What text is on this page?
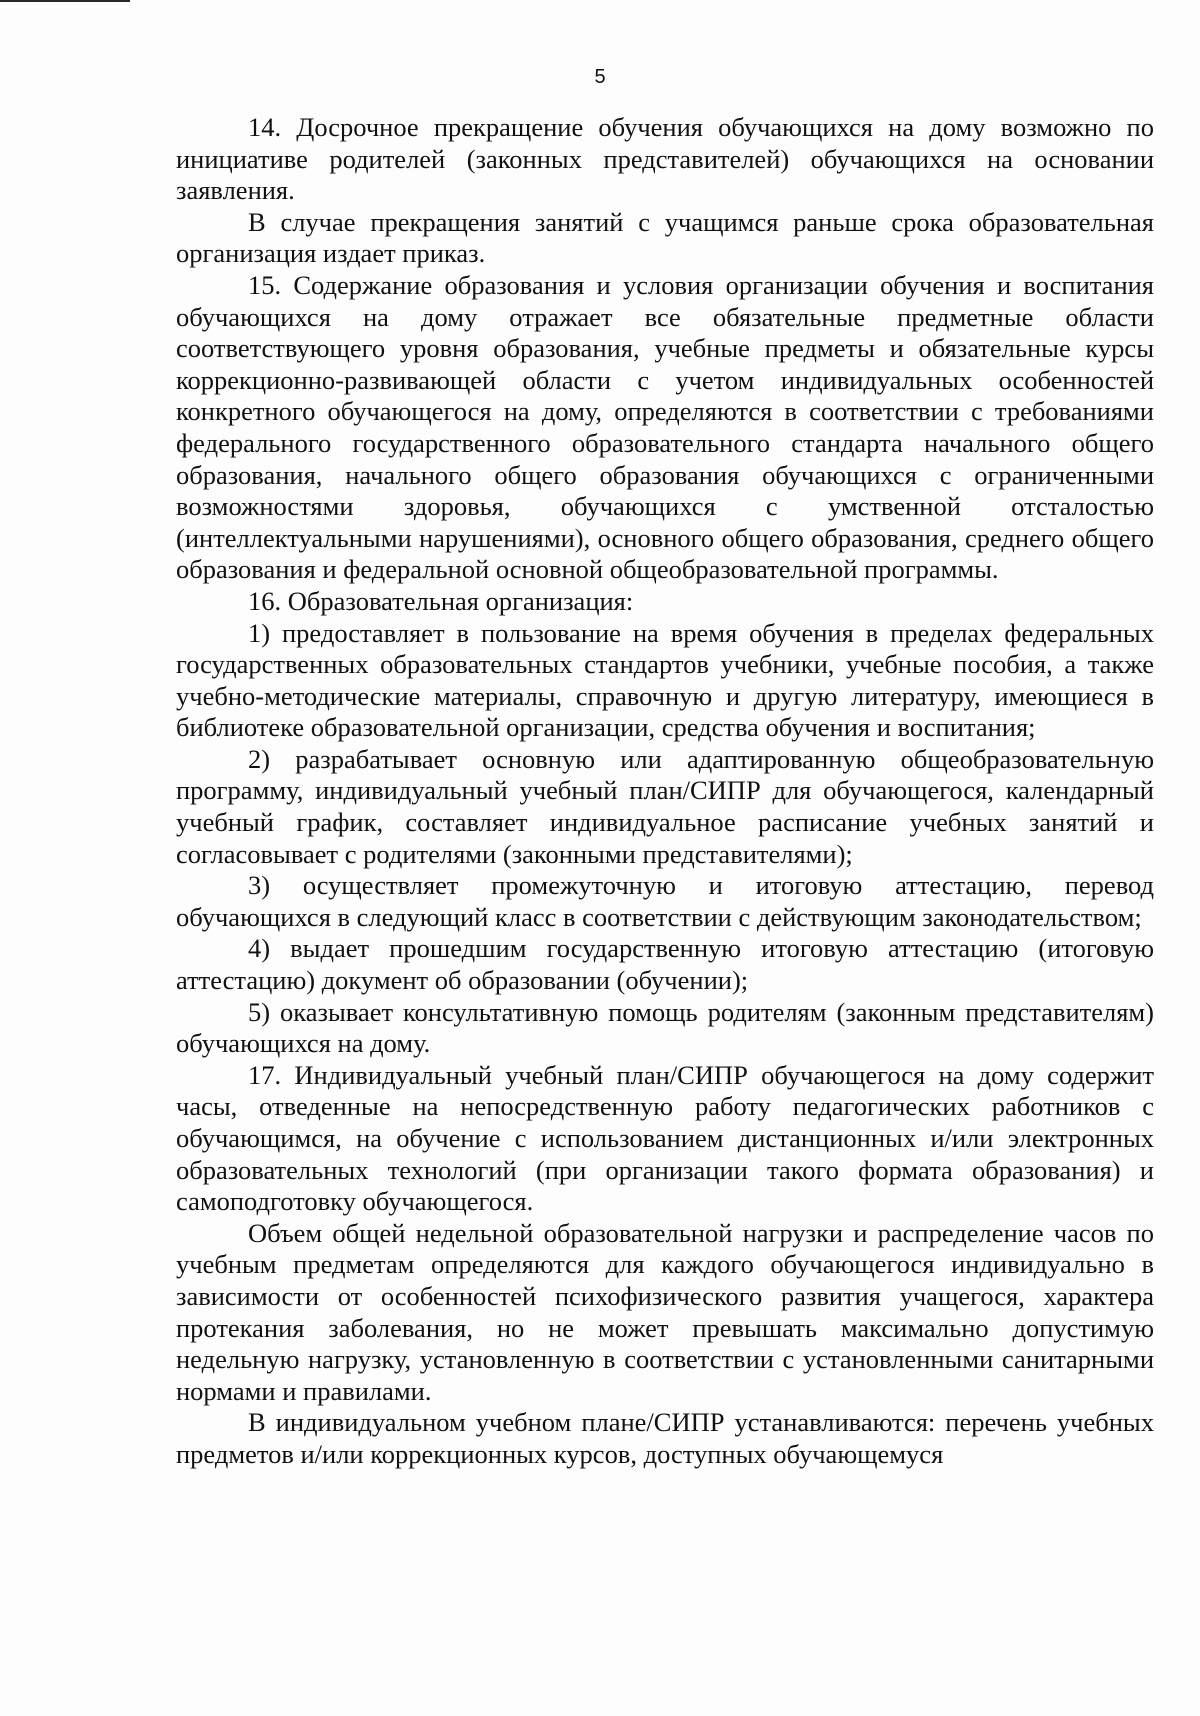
5

14. Досрочное прекращение обучения обучающихся на дому возможно по инициативе родителей (законных представителей) обучающихся на основании заявления.

В случае прекращения занятий с учащимся раньше срока образовательная организация издает приказ.

15. Содержание образования и условия организации обучения и воспитания обучающихся на дому отражает все обязательные предметные области соответствующего уровня образования, учебные предметы и обязательные курсы коррекционно-развивающей области с учетом индивидуальных особенностей конкретного обучающегося на дому, определяются в соответствии с требованиями федерального государственного образовательного стандарта начального общего образования, начального общего образования обучающихся с ограниченными возможностями здоровья, обучающихся с умственной отсталостью (интеллектуальными нарушениями), основного общего образования, среднего общего образования и федеральной основной общеобразовательной программы.

16. Образовательная организация:

1) предоставляет в пользование на время обучения в пределах федеральных государственных образовательных стандартов учебники, учебные пособия, а также учебно-методические материалы, справочную и другую литературу, имеющиеся в библиотеке образовательной организации, средства обучения и воспитания;

2) разрабатывает основную или адаптированную общеобразовательную программу, индивидуальный учебный план/СИПР для обучающегося, календарный учебный график, составляет индивидуальное расписание учебных занятий и согласовывает с родителями (законными представителями);

3) осуществляет промежуточную и итоговую аттестацию, перевод обучающихся в следующий класс в соответствии с действующим законодательством;

4) выдает прошедшим государственную итоговую аттестацию (итоговую аттестацию) документ об образовании (обучении);

5) оказывает консультативную помощь родителям (законным представителям) обучающихся на дому.

17. Индивидуальный учебный план/СИПР обучающегося на дому содержит часы, отведенные на непосредственную работу педагогических работников с обучающимся, на обучение с использованием дистанционных и/или электронных образовательных технологий (при организации такого формата образования) и самоподготовку обучающегося.

Объем общей недельной образовательной нагрузки и распределение часов по учебным предметам определяются для каждого обучающегося индивидуально в зависимости от особенностей психофизического развития учащегося, характера протекания заболевания, но не может превышать максимально допустимую недельную нагрузку, установленную в соответствии с установленными санитарными нормами и правилами.

В индивидуальном учебном плане/СИПР устанавливаются: перечень учебных предметов и/или коррекционных курсов, доступных обучающемуся
